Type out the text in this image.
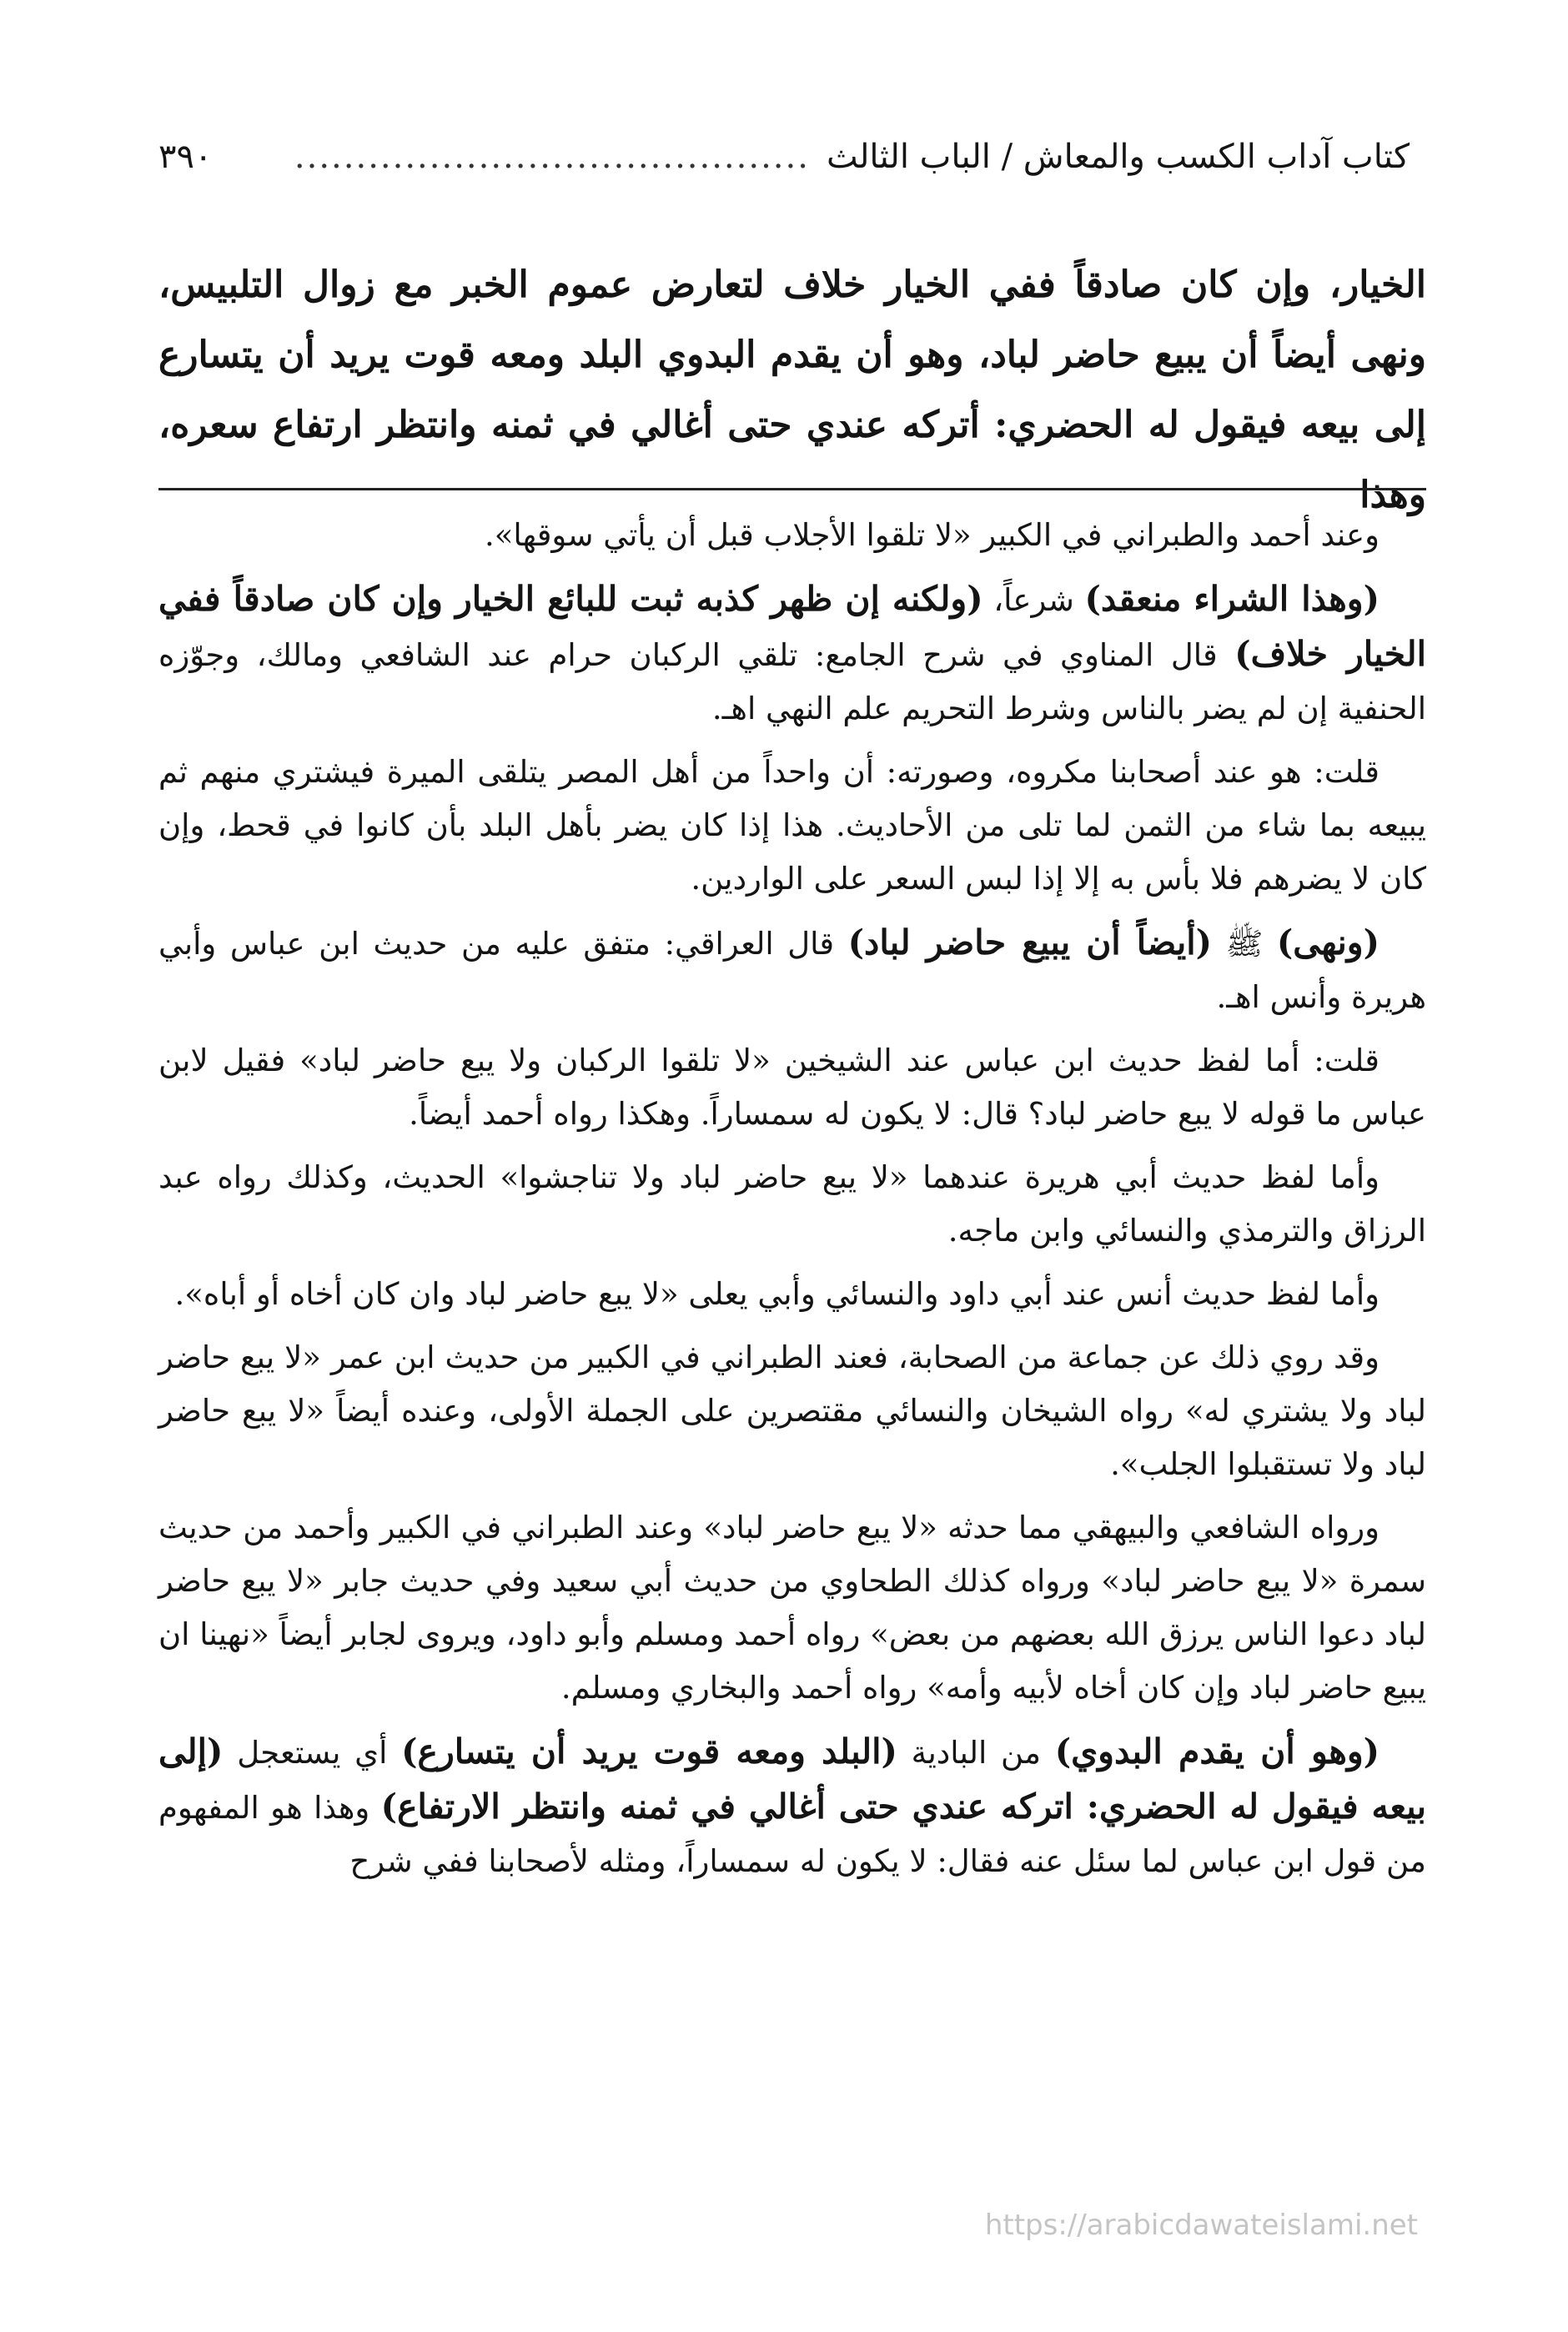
كتاب آداب الكسب والمعاش / الباب الثالث
..........................................
٣٩٠
الخيار، وإن كان صادقاً ففي الخيار خلاف لتعارض عموم الخبر مع زوال التلبيس، ونهى أيضاً أن يبيع حاضر لباد، وهو أن يقدم البدوي البلد ومعه قوت يريد أن يتسارع إلى بيعه فيقول له الحضري: أتركه عندي حتى أغالي في ثمنه وانتظر ارتفاع سعره، وهذا

وعند أحمد والطبراني في الكبير «لا تلقوا الأجلاب قبل أن يأتي سوقها».

(وهذا الشراء منعقد) شرعاً، (ولكنه إن ظهر كذبه ثبت للبائع الخيار وإن كان صادقاً ففي الخيار خلاف) قال المناوي في شرح الجامع: تلقي الركبان حرام عند الشافعي ومالك، وجوّزه الحنفية إن لم يضر بالناس وشرط التحريم علم النهي اهـ.

قلت: هو عند أصحابنا مكروه، وصورته: أن واحداً من أهل المصر يتلقى الميرة فيشتري منهم ثم يبيعه بما شاء من الثمن لما تلى من الأحاديث. هذا إذا كان يضر بأهل البلد بأن كانوا في قحط، وإن كان لا يضرهم فلا بأس به إلا إذا لبس السعر على الواردين.

(ونهى) ﷺ (أيضاً أن يبيع حاضر لباد) قال العراقي: متفق عليه من حديث ابن عباس وأبي هريرة وأنس اهـ.

قلت: أما لفظ حديث ابن عباس عند الشيخين «لا تلقوا الركبان ولا يبع حاضر لباد» فقيل لابن عباس ما قوله لا يبع حاضر لباد؟ قال: لا يكون له سمساراً. وهكذا رواه أحمد أيضاً.

وأما لفظ حديث أبي هريرة عندهما «لا يبع حاضر لباد ولا تناجشوا» الحديث، وكذلك رواه عبد الرزاق والترمذي والنسائي وابن ماجه.

وأما لفظ حديث أنس عند أبي داود والنسائي وأبي يعلى «لا يبع حاضر لباد وان كان أخاه أو أباه».

وقد روي ذلك عن جماعة من الصحابة، فعند الطبراني في الكبير من حديث ابن عمر «لا يبع حاضر لباد ولا يشتري له» رواه الشيخان والنسائي مقتصرين على الجملة الأولى، وعنده أيضاً «لا يبع حاضر لباد ولا تستقبلوا الجلب».

ورواه الشافعي والبيهقي مما حدثه «لا يبع حاضر لباد» وعند الطبراني في الكبير وأحمد من حديث سمرة «لا يبع حاضر لباد» ورواه كذلك الطحاوي من حديث أبي سعيد وفي حديث جابر «لا يبع حاضر لباد دعوا الناس يرزق الله بعضهم من بعض» رواه أحمد ومسلم وأبو داود، ويروى لجابر أيضاً «نهينا ان يبيع حاضر لباد وإن كان أخاه لأبيه وأمه» رواه أحمد والبخاري ومسلم.

(وهو أن يقدم البدوي) من البادية (البلد ومعه قوت يريد أن يتسارع) أي يستعجل (إلى بيعه فيقول له الحضري: اتركه عندي حتى أغالي في ثمنه وانتظر الارتفاع) وهذا هو المفهوم من قول ابن عباس لما سئل عنه فقال: لا يكون له سمساراً، ومثله لأصحابنا ففي شرح

https://arabicdawateislami.net
